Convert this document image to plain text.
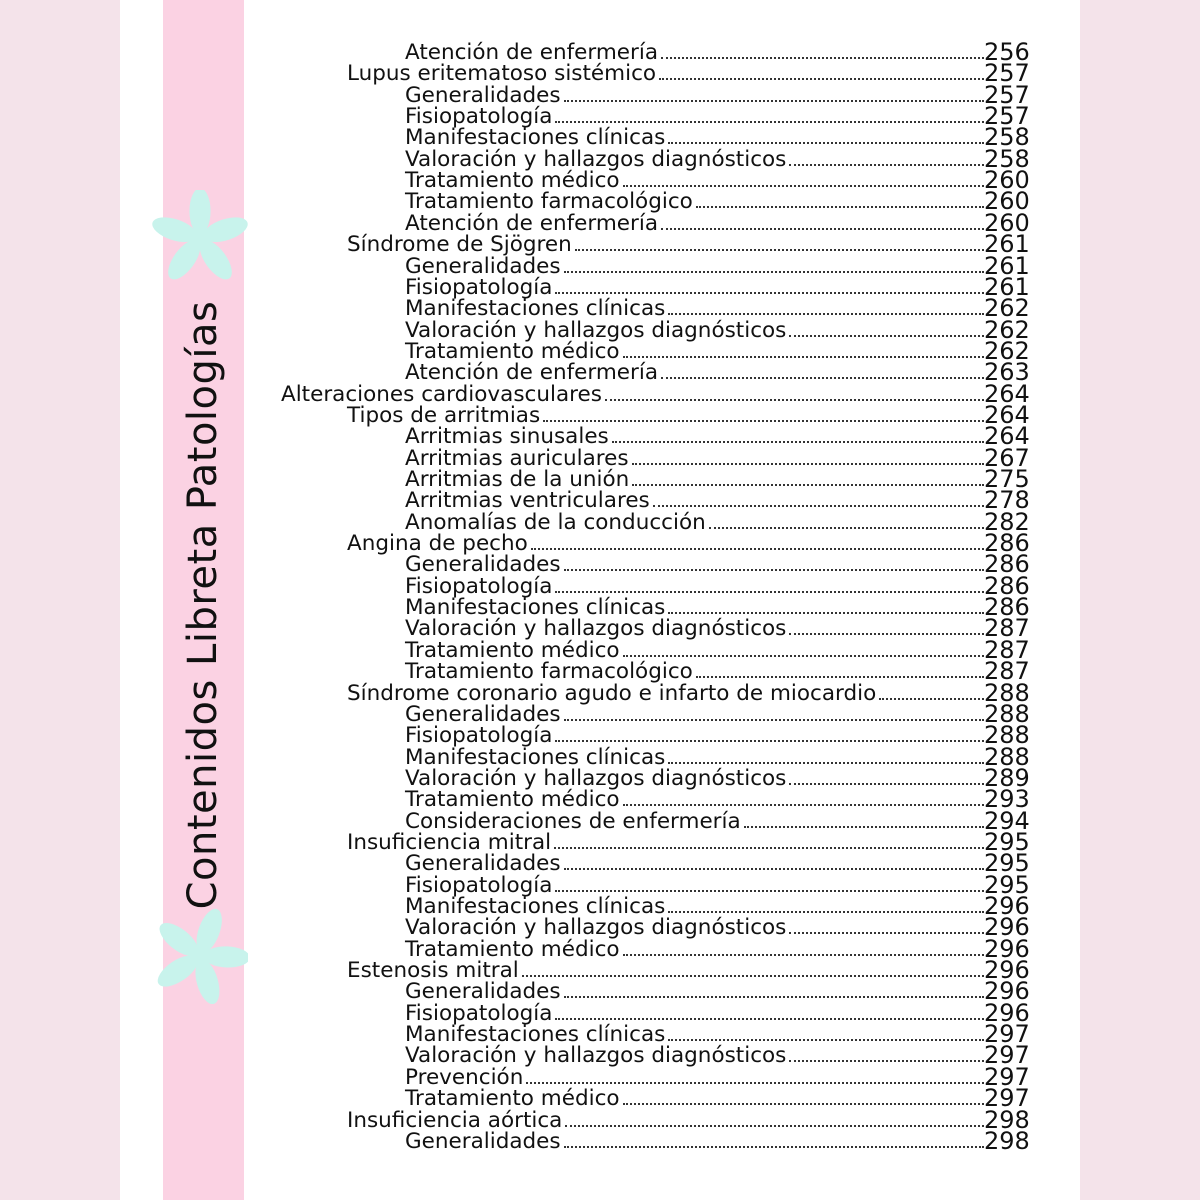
Contenidos Libreta Patologías
Atención de enfermería	256
Lupus eritematoso sistémico	257
Generalidades	257
Fisiopatología	257
Manifestaciones clínicas	258
Valoración y hallazgos diagnósticos	258
Tratamiento médico	260
Tratamiento farmacológico	260
Atención de enfermería	260
Síndrome de Sjögren	261
Generalidades	261
Fisiopatología	261
Manifestaciones clínicas	262
Valoración y hallazgos diagnósticos	262
Tratamiento médico	262
Atención de enfermería	263
Alteraciones cardiovasculares	264
Tipos de arritmias	264
Arritmias sinusales	264
Arritmias auriculares	267
Arritmias de la unión	275
Arritmias ventriculares	278
Anomalías de la conducción	282
Angina de pecho	286
Generalidades	286
Fisiopatología	286
Manifestaciones clínicas	286
Valoración y hallazgos diagnósticos	287
Tratamiento médico	287
Tratamiento farmacológico	287
Síndrome coronario agudo e infarto de miocardio	288
Generalidades	288
Fisiopatología	288
Manifestaciones clínicas	288
Valoración y hallazgos diagnósticos	289
Tratamiento médico	293
Consideraciones de enfermería	294
Insuficiencia mitral	295
Generalidades	295
Fisiopatología	295
Manifestaciones clínicas	296
Valoración y hallazgos diagnósticos	296
Tratamiento médico	296
Estenosis mitral	296
Generalidades	296
Fisiopatología	296
Manifestaciones clínicas	297
Valoración y hallazgos diagnósticos	297
Prevención	297
Tratamiento médico	297
Insuficiencia aórtica	298
Generalidades	298
